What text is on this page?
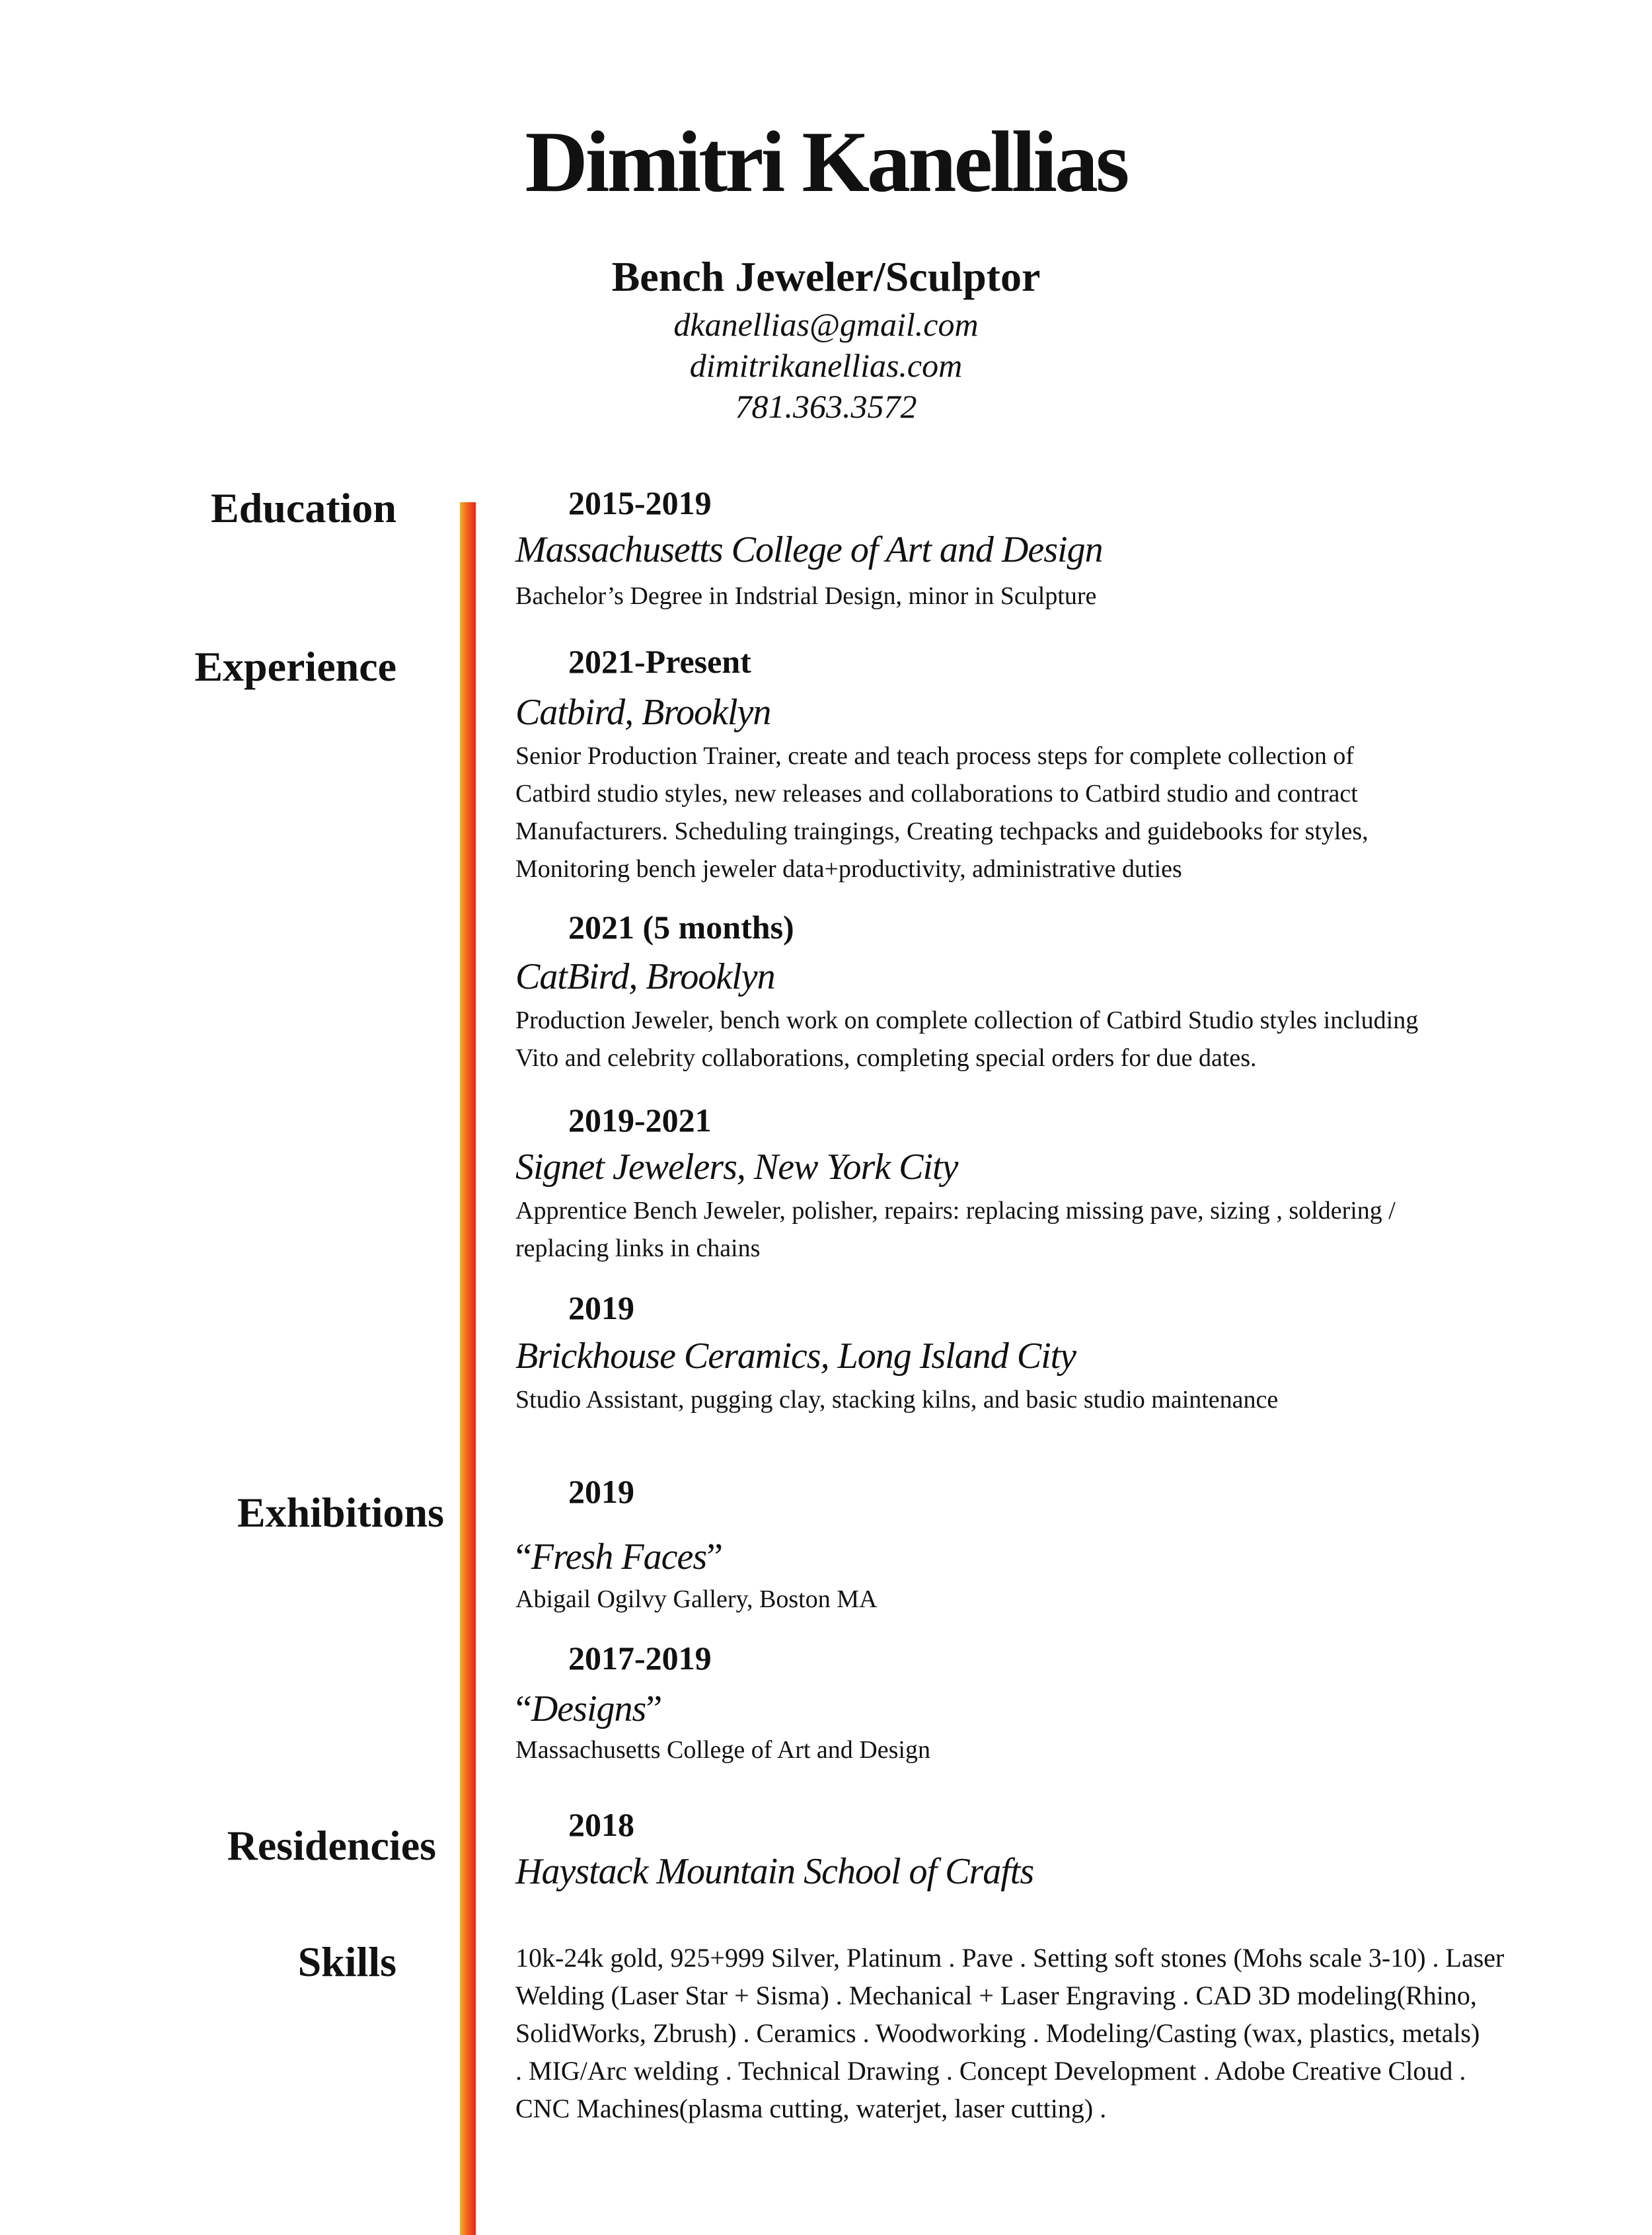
Dimitri Kanellias
Bench Jeweler/Sculptor
dkanellias@gmail.com
dimitrikanellias.com
781.363.3572
Education
Experience
Exhibitions
Residencies
Skills
2015-2019
Massachusetts College of Art and Design
Bachelor’s Degree in Indstrial Design, minor in Sculpture
2021-Present
Catbird, Brooklyn
Senior Production Trainer, create and teach process steps for complete collection of
Catbird studio styles, new releases and collaborations to Catbird studio and contract
Manufacturers. Scheduling traingings, Creating techpacks and guidebooks for styles,
Monitoring bench jeweler data+productivity, administrative duties
2021 (5 months)
CatBird, Brooklyn
Production Jeweler, bench work on complete collection of Catbird Studio styles including
Vito and celebrity collaborations, completing special orders for due dates.
2019-2021
Signet Jewelers, New York City
Apprentice Bench Jeweler, polisher, repairs: replacing missing pave, sizing , soldering /
replacing links in chains
2019
Brickhouse Ceramics, Long Island City
Studio Assistant, pugging clay, stacking kilns, and basic studio maintenance
2019
“Fresh Faces”
Abigail Ogilvy Gallery, Boston MA
2017-2019
“Designs”
Massachusetts College of Art and Design
2018
Haystack Mountain School of Crafts
10k-24k gold, 925+999 Silver, Platinum . Pave . Setting soft stones (Mohs scale 3-10) . Laser
Welding (Laser Star + Sisma) . Mechanical + Laser Engraving . CAD 3D modeling(Rhino,
SolidWorks, Zbrush) . Ceramics . Woodworking . Modeling/Casting (wax, plastics, metals)
. MIG/Arc welding . Technical Drawing . Concept Development . Adobe Creative Cloud .
CNC Machines(plasma cutting, waterjet, laser cutting) .
